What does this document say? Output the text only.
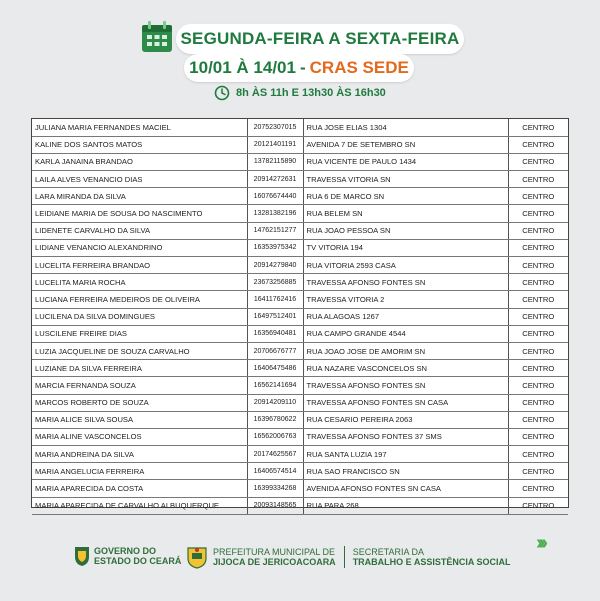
SEGUNDA-FEIRA A SEXTA-FEIRA
10/01 À 14/01 - CRAS SEDE
8h ÀS 11h E 13h30 ÀS 16h30
JULIANA MARIA FERNANDES MACIEL	20752307015	RUA JOSE ELIAS 1304	CENTRO
KALINE DOS SANTOS MATOS	20121401191	AVENIDA 7 DE SETEMBRO SN	CENTRO
KARLA JANAINA BRANDAO	13782115890	RUA VICENTE DE PAULO 1434	CENTRO
LAILA ALVES VENANCIO DIAS	20914272631	TRAVESSA VITORIA SN	CENTRO
LARA MIRANDA DA SILVA	16076674440	RUA 6 DE MARCO SN	CENTRO
LEIDIANE MARIA DE SOUSA DO NASCIMENTO	13281382196	RUA BELEM SN	CENTRO
LIDENETE CARVALHO DA SILVA	14762151277	RUA JOAO PESSOA SN	CENTRO
LIDIANE VENANCIO ALEXANDRINO	16353975342	TV VITORIA 194	CENTRO
LUCELITA FERREIRA BRANDAO	20914279840	RUA VITORIA 2593 CASA	CENTRO
LUCELITA MARIA ROCHA	23673256885	TRAVESSA AFONSO FONTES SN	CENTRO
LUCIANA FERREIRA MEDEIROS DE OLIVEIRA	16411762416	TRAVESSA VITORIA 2	CENTRO
LUCILENA DA SILVA DOMINGUES	16497512401	RUA ALAGOAS 1267	CENTRO
LUSCILENE FREIRE DIAS	16356940481	RUA CAMPO GRANDE 4544	CENTRO
LUZIA JACQUELINE DE SOUZA CARVALHO	20706676777	RUA JOAO JOSE DE AMORIM SN	CENTRO
LUZIANE DA SILVA FERREIRA	16406475486	RUA NAZARE VASCONCELOS SN	CENTRO
MARCIA FERNANDA SOUZA	16562141694	TRAVESSA AFONSO FONTES SN	CENTRO
MARCOS ROBERTO DE SOUZA	20914209110	TRAVESSA AFONSO FONTES SN CASA	CENTRO
MARIA ALICE SILVA SOUSA	16396780622	RUA CESARIO PEREIRA 2063	CENTRO
MARIA ALINE VASCONCELOS	16562006763	TRAVESSA AFONSO FONTES 37 SMS	CENTRO
MARIA ANDREINA DA SILVA	20174625567	RUA SANTA LUZIA 197	CENTRO
MARIA ANGELUCIA FERREIRA	16406574514	RUA SAO FRANCISCO SN	CENTRO
MARIA APARECIDA DA COSTA	16399334268	AVENIDA AFONSO FONTES SN CASA	CENTRO
MARIA APARECIDA DE CARVALHO ALBUQUERQUE	20093148565	RUA PARA 268	CENTRO
›››
GOVERNO DO
ESTADO DO CEARÁ
PREFEITURA MUNICIPAL DE
JIJOCA DE JERICOACOARA
SECRETARIA DA
TRABALHO E ASSISTÊNCIA SOCIAL
